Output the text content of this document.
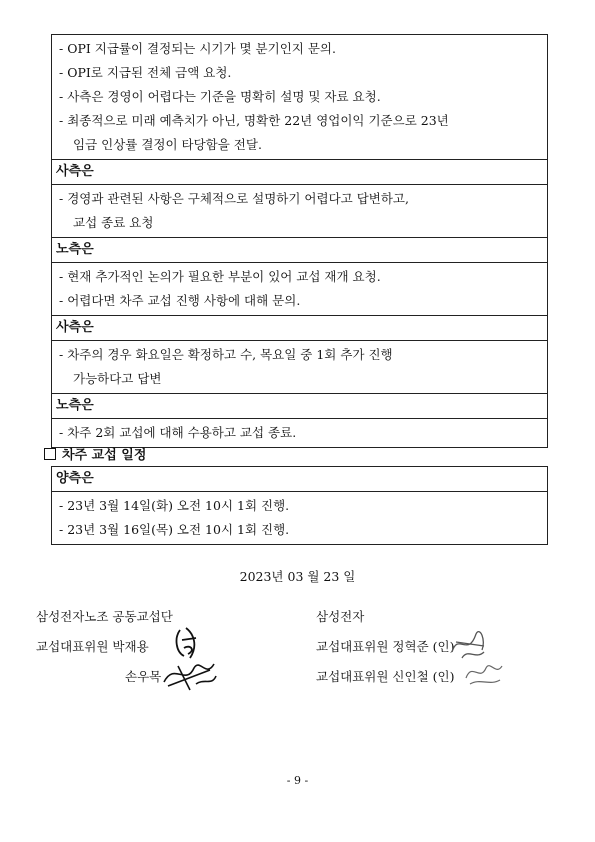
- OPI 지급률이 결정되는 시기가 몇 분기인지 문의.
- OPI로 지급된 전체 금액 요청.
- 사측은 경영이 어렵다는 기준을 명확히 설명 및 자료 요청.
- 최종적으로 미래 예측치가 아닌, 명확한 22년 영업이익 기준으로 23년
임금 인상률 결정이 타당함을 전달.
사측은
- 경영과 관련된 사항은 구체적으로 설명하기 어렵다고 답변하고,
교섭 종료 요청
노측은
- 현재 추가적인 논의가 필요한 부분이 있어 교섭 재개 요청.
- 어렵다면 차주 교섭 진행 사항에 대해 문의.
사측은
- 차주의 경우 화요일은 확정하고 수, 목요일 중 1회 추가 진행
가능하다고 답변
노측은
- 차주 2회 교섭에 대해 수용하고 교섭 종료.
차주 교섭 일정
양측은
- 23년 3월 14일(화) 오전 10시 1회 진행.
- 23년 3월 16일(목) 오전 10시 1회 진행.
2023년 03 월 23 일
삼성전자노조 공동교섭단
교섭대표위원 박재용
손우목
삼성전자
교섭대표위원 정혁준 (인)
교섭대표위원 신인철 (인)
- 9 -
